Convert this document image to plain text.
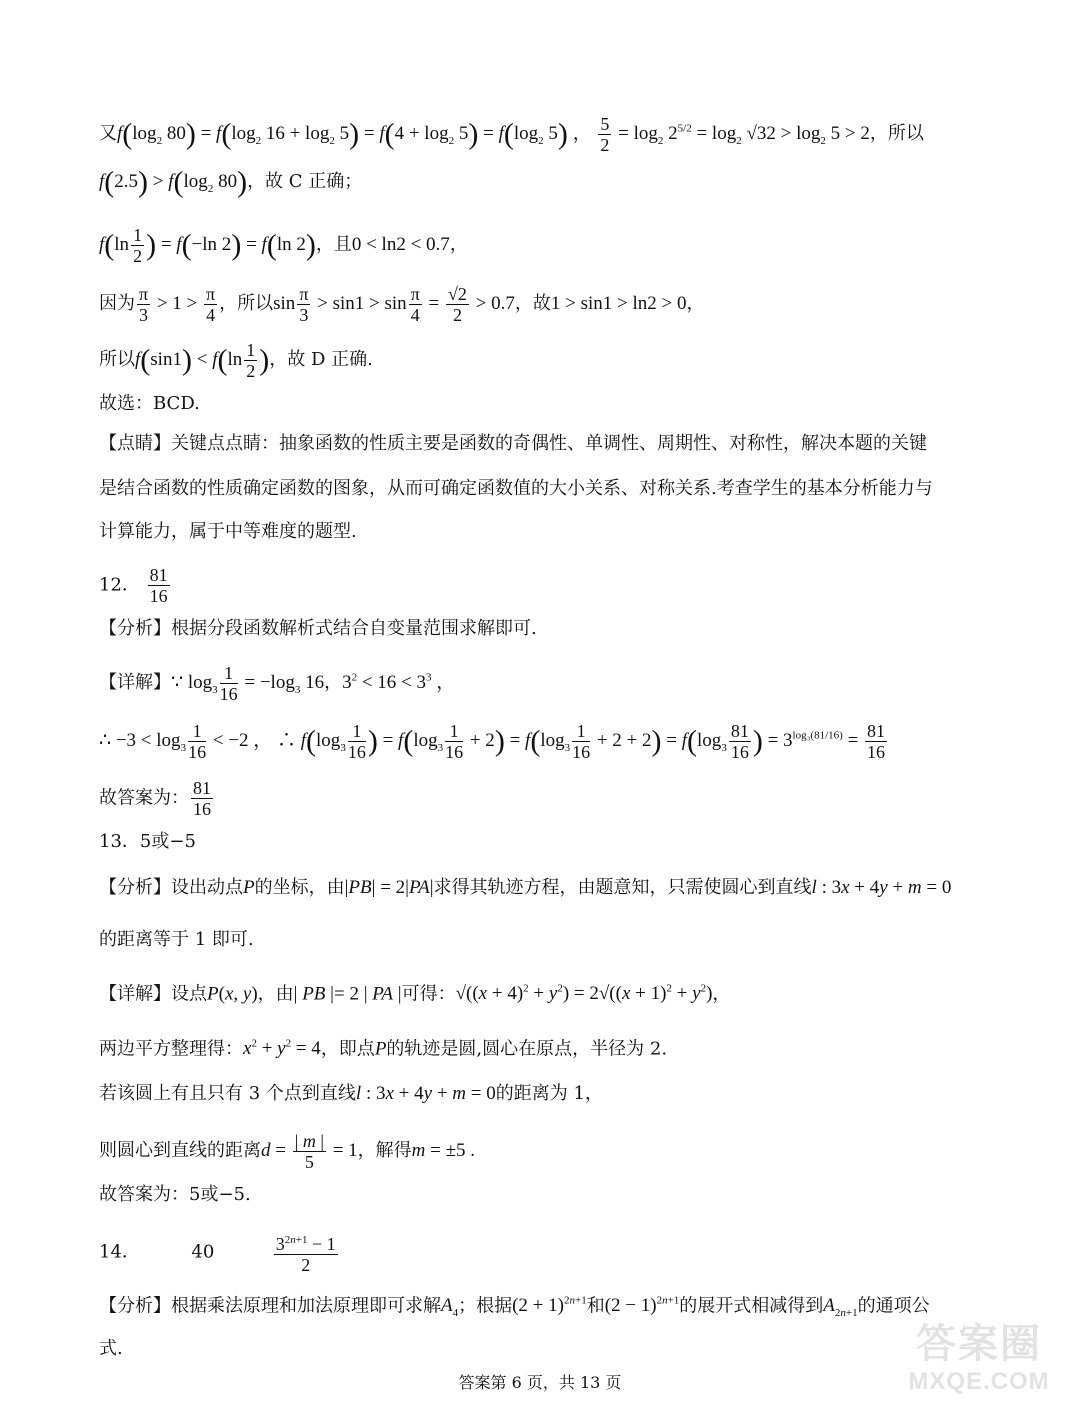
又$f(\log_2$ $80) = f(\log_2$ $16 + \log_2 5) = f(4 + \log_2 5) = f(\log_2$ 5) ， $\frac{5}{2} = \log_2 2^{5/2} = \log_2 √32 > \log_2 5 > 2$，所以
$f(2.5) > f(\log_2$ 80)，故 C 正确；
$f(\ln \frac{1}{2}$ ) = f(−ln 2) = f(ln 2)，且0 < ln2 < 0.7，
因为 $\frac{\pi}{3} > 1 > \frac{\pi}{4}$ ，所以$\sin \frac{\pi}{3} > \sin 1 > \sin \frac{\pi}{4} = \frac{√2}{2} > 0.7$，故1 > sin1 > ln2 > 0，
所以$f(\sin 1) < f(\ln \frac{1}{2}$ )，故 D 正确.
故选：BCD.
【点睛】关键点点睛：抽象函数的性质主要是函数的奇偶性、单调性、周期性、对称性，解决本题的关键
是结合函数的性质确定函数的图象，从而可确定函数值的大小关系、对称关系.考查学生的基本分析能力与
计算能力，属于中等难度的题型.
12． $\frac{81}{16}$
【分析】根据分段函数解析式结合自变量范围求解即可.
【详解】∵ $\log_3 \frac{1}{16} = -\log_3$ 16，$3^2 < 16 < 3^3$ ，
∴ $-3 < \log_3 \frac{1}{16} < -2$ ， ∴ $f(\log_3 \frac{1}{16}$ ) = $f(\log_3 \frac{1}{16} + 2) = f(\log_3 \frac{1}{16} + 2 + 2) = f(\log_3 \frac{81}{16}$ ) = $3^{log_3(81/16)} = \frac{81}{16}$
故答案为： $\frac{81}{16}$
13．5或−5
【分析】设出动点P的坐标，由|PB| = 2|PA|求得其轨迹方程，由题意知，只需使圆心到直线l : 3x + 4y + m = 0
的距离等于 1 即可.
【详解】设点P(x, y)，由| PB |= 2 | PA |可得：$√((x + 4)^2 + y^2) = 2√((x + 1)^2 + y^2)$，
两边平方整理得：$x^2 + y^2 = 4$，即点P的轨迹是圆,圆心在原点，半径为 2.
若该圆上有且只有 3 个点到直线l : 3x + 4y + m = 0的距离为 1，
则圆心到直线的距离$d = \frac{| m |}{5} = 1$，解得m = ±5 .
故答案为：5或−5.
14．	40	$\frac{3^{2n+1} - 1}{2}$
【分析】根据乘法原理和加法原理即可求解$A_4$；根据$(2 + 1)^{2n+1}$和$(2 - 1)^{2n+1}$的展开式相减得到$A_{2n+1}$的通项公
式.
答案第 6 页，共 13 页
答案圈
MXQE.COM
